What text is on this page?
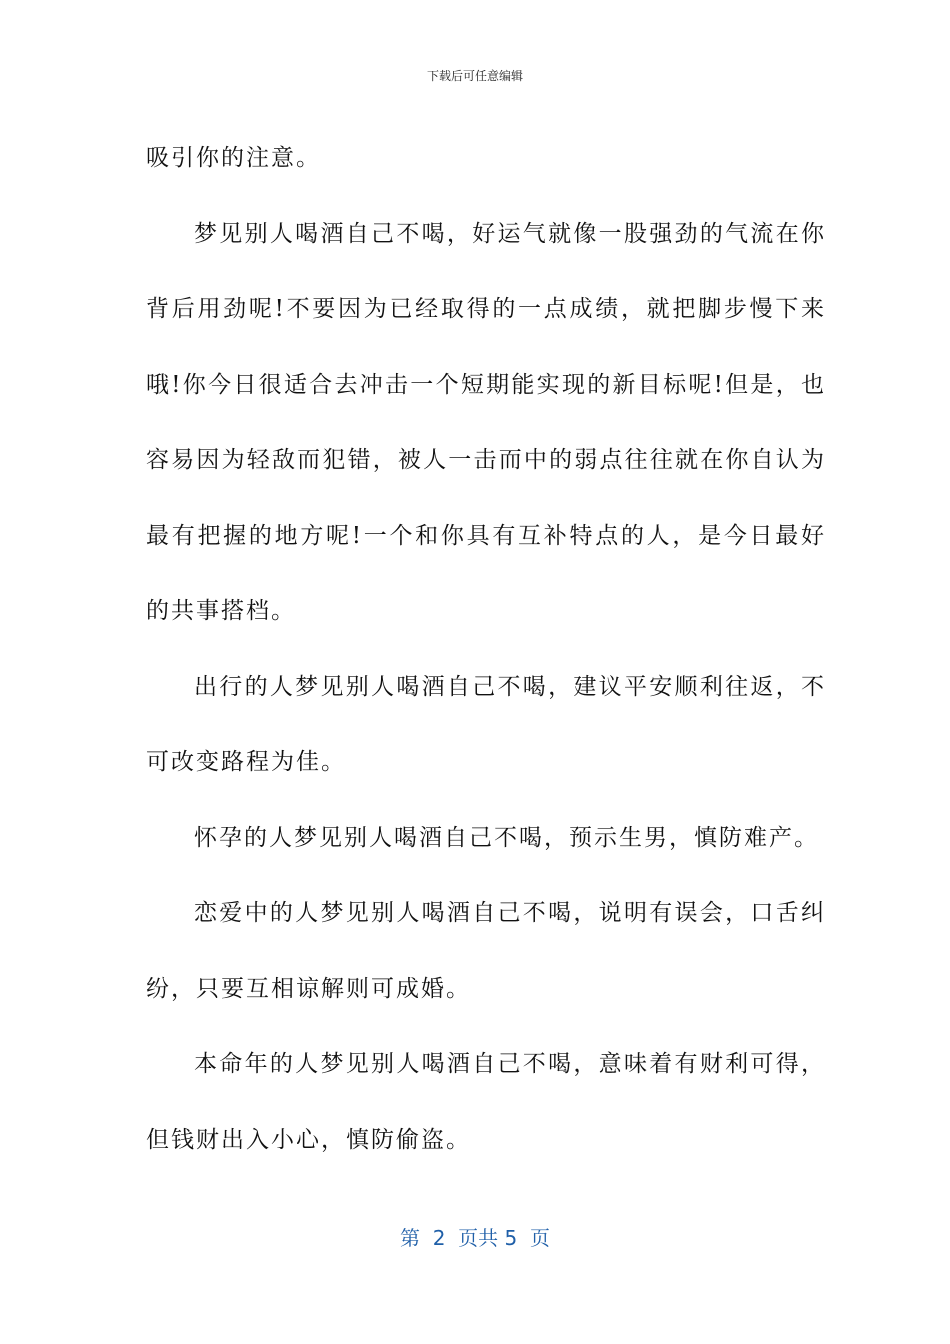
下载后可任意编辑

吸引你的注意。

梦见别人喝酒自己不喝，好运气就像一股强劲的气流在你背后用劲呢!不要因为已经取得的一点成绩，就把脚步慢下来哦!你今日很适合去冲击一个短期能实现的新目标呢!但是，也容易因为轻敌而犯错，被人一击而中的弱点往往就在你自认为最有把握的地方呢!一个和你具有互补特点的人，是今日最好的共事搭档。

出行的人梦见别人喝酒自己不喝，建议平安顺利往返，不可改变路程为佳。

怀孕的人梦见别人喝酒自己不喝，预示生男，慎防难产。

恋爱中的人梦见别人喝酒自己不喝，说明有误会，口舌纠纷，只要互相谅解则可成婚。

本命年的人梦见别人喝酒自己不喝，意味着有财利可得，但钱财出入小心，慎防偷盗。

第  2  页共 5  页
